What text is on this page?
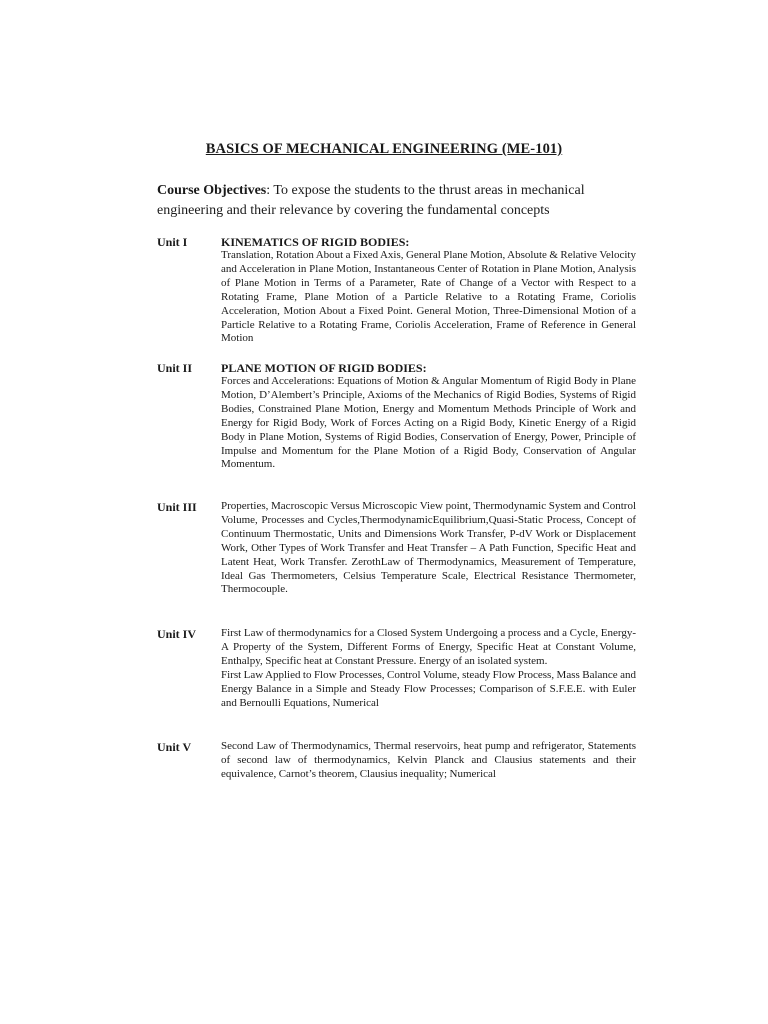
BASICS OF MECHANICAL ENGINEERING (ME-101)
Course Objectives: To expose the students to the thrust areas in mechanical engineering and their relevance by covering the fundamental concepts
Unit I	KINEMATICS OF RIGID BODIES:
Translation, Rotation About a Fixed Axis, General Plane Motion, Absolute & Relative Velocity and Acceleration in Plane Motion, Instantaneous Center of Rotation in Plane Motion, Analysis of Plane Motion in Terms of a Parameter, Rate of Change of a Vector with Respect to a Rotating Frame, Plane Motion of a Particle Relative to a Rotating Frame, Coriolis Acceleration, Motion About a Fixed Point. General Motion, Three-Dimensional Motion of a Particle Relative to a Rotating Frame, Coriolis Acceleration, Frame of Reference in General Motion
Unit II	PLANE MOTION OF RIGID BODIES:
Forces and Accelerations: Equations of Motion & Angular Momentum of Rigid Body in Plane Motion, D’Alembert’s Principle, Axioms of the Mechanics of Rigid Bodies, Systems of Rigid Bodies, Constrained Plane Motion, Energy and Momentum Methods Principle of Work and Energy for Rigid Body, Work of Forces Acting on a Rigid Body, Kinetic Energy of a Rigid Body in Plane Motion, Systems of Rigid Bodies, Conservation of Energy, Power, Principle of Impulse and Momentum for the Plane Motion of a Rigid Body, Conservation of Angular Momentum.
Unit III	Properties, Macroscopic Versus Microscopic View point, Thermodynamic System and Control Volume, Processes and Cycles,ThermodynamicEquilibrium,Quasi-Static Process, Concept of Continuum Thermostatic, Units and Dimensions Work Transfer, P-dV Work or Displacement Work, Other Types of Work Transfer and Heat Transfer – A Path Function, Specific Heat and Latent Heat, Work Transfer. ZerothLaw of Thermodynamics, Measurement of Temperature, Ideal Gas Thermometers, Celsius Temperature Scale, Electrical Resistance Thermometer, Thermocouple.
Unit IV	First Law of thermodynamics for a Closed System Undergoing a process and a Cycle, Energy-A Property of the System, Different Forms of Energy, Specific Heat at Constant Volume, Enthalpy, Specific heat at Constant Pressure. Energy of an isolated system.
First Law Applied to Flow Processes, Control Volume, steady Flow Process, Mass Balance and Energy Balance in a Simple and Steady Flow Processes; Comparison of S.F.E.E. with Euler and Bernoulli Equations, Numerical
Unit V	Second Law of Thermodynamics, Thermal reservoirs, heat pump and refrigerator, Statements of second law of thermodynamics, Kelvin Planck and Clausius statements and their equivalence, Carnot’s theorem, Clausius inequality; Numerical
